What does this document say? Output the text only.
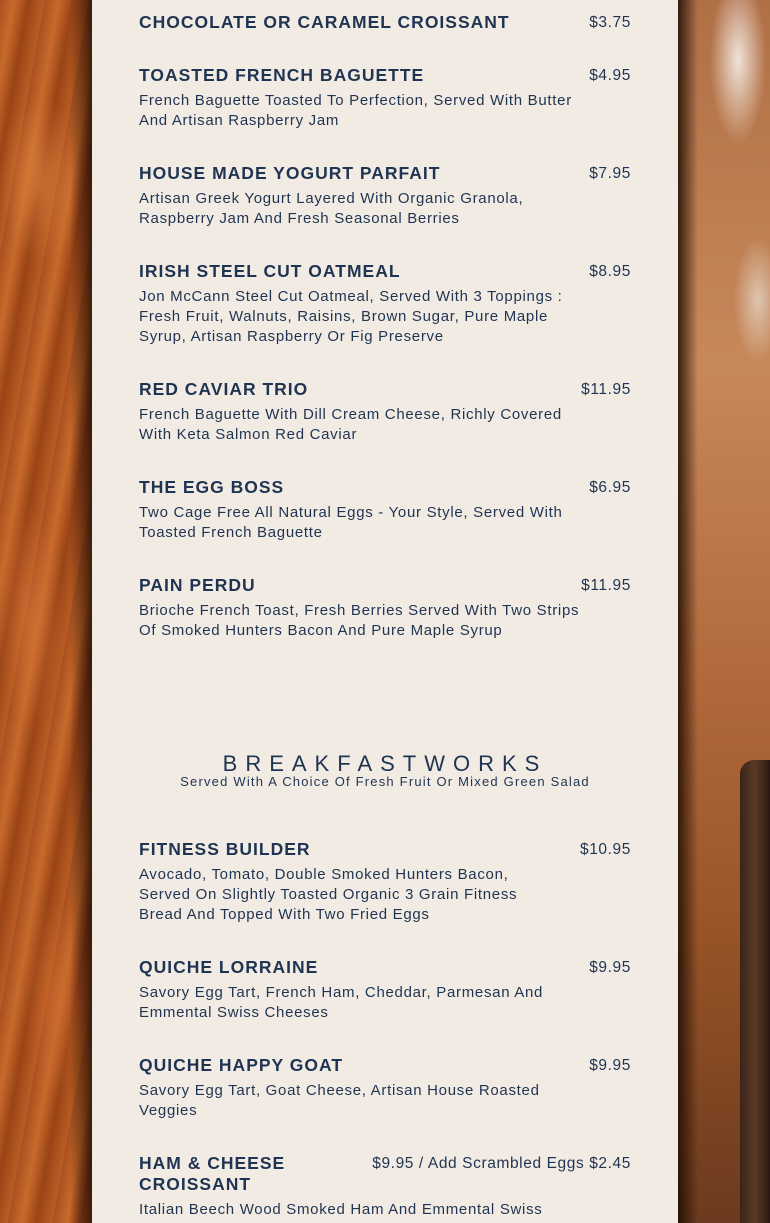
CHOCOLATE OR CARAMEL CROISSANT	$3.75
TOASTED FRENCH BAGUETTE	$4.95
French Baguette Toasted To Perfection, Served With Butter And Artisan Raspberry Jam
HOUSE MADE YOGURT PARFAIT	$7.95
Artisan Greek Yogurt Layered With Organic Granola, Raspberry Jam And Fresh Seasonal Berries
IRISH STEEL CUT OATMEAL	$8.95
Jon McCann Steel Cut Oatmeal, Served With 3 Toppings : Fresh Fruit, Walnuts, Raisins, Brown Sugar, Pure Maple Syrup, Artisan Raspberry Or Fig Preserve
RED CAVIAR TRIO	$11.95
French Baguette With Dill Cream Cheese, Richly Covered With Keta Salmon Red Caviar
THE EGG BOSS	$6.95
Two Cage Free All Natural Eggs - Your Style, Served With Toasted French Baguette
PAIN PERDU	$11.95
Brioche French Toast, Fresh Berries Served With Two Strips Of Smoked Hunters Bacon And Pure Maple Syrup
BREAKFASTWORKS
Served With A Choice Of Fresh Fruit Or Mixed Green Salad
FITNESS BUILDER	$10.95
Avocado, Tomato, Double Smoked Hunters Bacon, Served On Slightly Toasted Organic 3 Grain Fitness Bread And Topped With Two Fried Eggs
QUICHE LORRAINE	$9.95
Savory Egg Tart, French Ham, Cheddar, Parmesan And Emmental Swiss Cheeses
QUICHE HAPPY GOAT	$9.95
Savory Egg Tart, Goat Cheese, Artisan House Roasted Veggies
HAM & CHEESE CROISSANT
$9.95 / Add Scrambled Eggs $2.45
Italian Beech Wood Smoked Ham And Emmental Swiss
